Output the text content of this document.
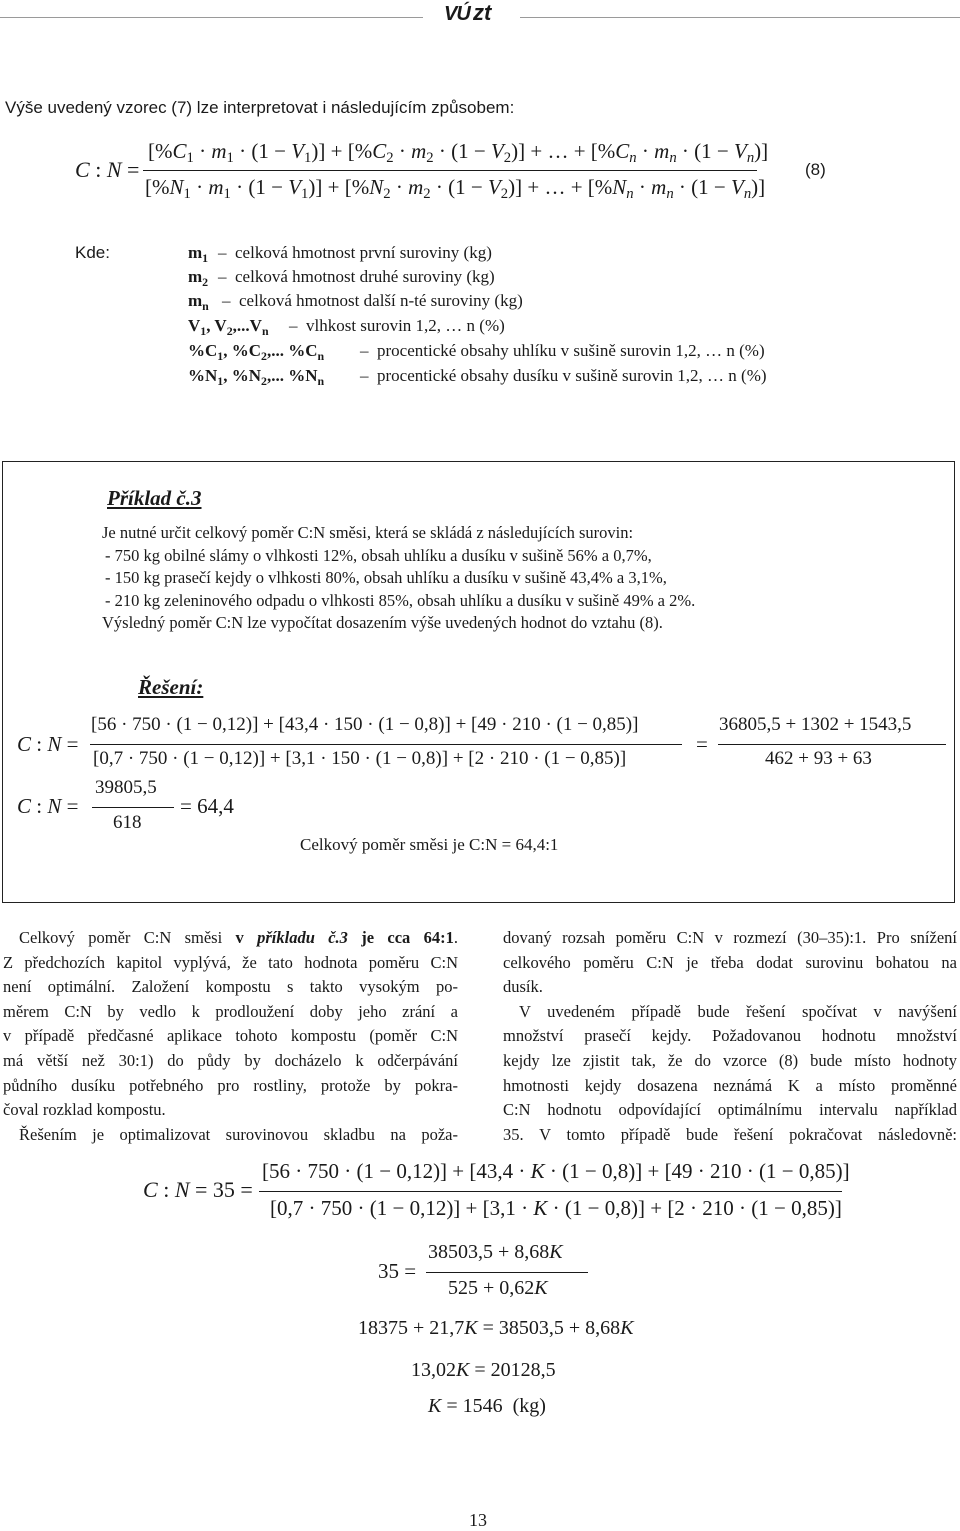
VÚ zt
Výše uvedený vzorec (7) lze interpretovat i následujícím způsobem:
C : N =
[%C1 · m1 · (1 − V1)] + [%C2 · m2 · (1 − V2)] + … + [%Cn · mn · (1 − Vn)]
[%N1 · m1 · (1 − V1)] + [%N2 · m2 · (1 − V2)] + … + [%Nn · mn · (1 − Vn)]
(8)
Kde:	$m_1$ –  celková hmotnost první suroviny (kg)
$m_2$ –  celková hmotnost druhé suroviny (kg)
$m_n$ –  celková hmotnost další n-té suroviny (kg)
$V_1$, $V_2,...V_n$ –  vlhkost surovin 1,2, … n (%)
$\%C_1$, $\%C_2$,... $\%C_n$ –  procentické obsahy uhlíku v sušině surovin 1,2, … n (%)
$\%N_1$, $\%N_2$,... $\%N_n$ –  procentické obsahy dusíku v sušině surovin 1,2, … n (%)
Příklad č.3
Je nutné určit celkový poměr C:N směsi, která se skládá z následujících surovin:
- 750 kg obilné slámy o vlhkosti 12%, obsah uhlíku a dusíku v sušině 56% a 0,7%,
- 150 kg prasečí kejdy o vlhkosti 80%, obsah uhlíku a dusíku v sušině 43,4% a 3,1%,
- 210 kg zeleninového odpadu o vlhkosti 85%, obsah uhlíku a dusíku v sušině 49% a 2%.
Výsledný poměr C:N lze vypočítat dosazením výše uvedených hodnot do vztahu (8).
Řešení:
C : N =
[56 · 750 · (1 − 0,12)] + [43,4 · 150 · (1 − 0,8)] + [49 · 210 · (1 − 0,85)]
[0,7 · 750 · (1 − 0,12)] + [3,1 · 150 · (1 − 0,8)] + [2 · 210 · (1 − 0,85)]
=
36805,5 + 1302 + 1543,5
462 + 93 + 63
C : N =
39805,5
618
= 64,4
Celkový poměr směsi je C:N = 64,4:1
Celkový poměr C:N směsi v příkladu č.3 je cca 64:1.
Z předchozích kapitol vyplývá, že tato hodnota poměru C:N
není optimální. Založení kompostu s takto vysokým po-
měrem C:N by vedlo k prodloužení doby jeho zrání a
v případě předčasné aplikace tohoto kompostu (poměr C:N
má větší než 30:1) do půdy by docházelo k odčerpávání
půdního dusíku potřebného pro rostliny, protože by pokra-
čoval rozklad kompostu.
Řešením je optimalizovat surovinovou skladbu na poža-
dovaný rozsah poměru C:N v rozmezí (30–35):1. Pro snížení
celkového poměru C:N je třeba dodat surovinu bohatou na
dusík.
V uvedeném případě bude řešení spočívat v navýšení
množství prasečí kejdy. Požadovanou hodnotu množství
kejdy lze zjistit tak, že do vzorce (8) bude místo hodnoty
hmotnosti kejdy dosazena neznámá K a místo proměnné
C:N hodnotu odpovídající optimálnímu intervalu například
35. V tomto případě bude řešení pokračovat následovně:
C : N = 35 =
[56 · 750 · (1 − 0,12)] + [43,4 · K · (1 − 0,8)] + [49 · 210 · (1 − 0,85)]
[0,7 · 750 · (1 − 0,12)] + [3,1 · K · (1 − 0,8)] + [2 · 210 · (1 − 0,85)]
35 =
38503,5 + 8,68K
525 + 0,62K
18375 + 21,7K = 38503,5 + 8,68K
13,02K = 20128,5
K = 1546  (kg)
13
